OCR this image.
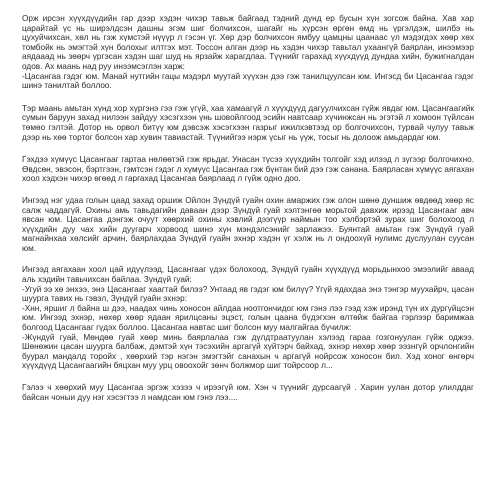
Орж ирсэн хүүхдүүдийн гар дээр хэдэн чихэр тавьж байгаад тэдний дунд ер бусын хүн зогсож байна. Хав хар царайтай үс нь ширэлдсэн дашны эгэм шиг болчихсон, шагайг нь хүрсэн өргөн өмд нь үргэлдэж, шилбэ нь цухуйчихсан, хөл нь гэж хүмстэй нүүүр л гэсэн үг. Хөр дэр болчихсон ямбуу цамцны цаанаас үл мэдэгдэх хөөр хөх томбойк нь эмэгтэй хүн болохыг илтгэх мэт. Тоссон алган дээр нь хэдэн чихэр тавьтал ухаангүй баярлан, инээмээр аядааад нь зөөрч үргэсан хэдэн шаг шуд нь ярзайж харагдлаа. Түүнийг гарахад хүүхдүүд дундаа хийн, бужигналдан одов. Ах маань над руу инээмсэглэн харж:
-Цасангаа гэдэг юм. Манай нутгийн гацы мэдэрл муутай хүүхэн дээ гэж танилцуулсан юм. Ингэсд би Цасангаа гэдэг шинэ танилтай боллоо.

Тэр маань амьтан хүнд хор хүргэнэ гээ гэж үгүй, хаа хамаагүй л хүүхдүүд дагуулчихсан гүйж явдаг юм. Цасангаагийк сумын баруун захад нилээн зайдуу хэсэгхээн үнь шовойлгоод эсийн навтсаар хүчинжсан нь эгэтэй л хомоон түйлсан төмөо гэлтэй. Дотор нь орвол битүү юм дэвсэж хэсэгхээн газрыг ижилхэвтээд ор болгочихсон, турвай чулуу тавьж дээр нь хөө тортог болсон хар хувин тавиастай. Түүнийгээ нэрж үсыг нь үүж, тосыг нь долоож амьдардаг юм.

Гэхдээ хүмүүс Цасангааг гартаа нөлөөтэй гэж ярьдаг. Унасан түсээ хүүхдийн толгойг хэд илээд л зүгээр болгочихно. Өвдсөн, эвэсон, бэртгээн, гэмтсэн гэдэг л хүмүүс Цасангаа гэж бүнтан бий дээ гэж санана. Баярласан хүмүүс аягахан хоол хэдхэн чихэр өгөөд л гаргахад Цасангаа баярлаад л гүйж одно доо.

Ингээд нэг удаа голын цаад захад оршиж Ойлон Зүндүй гуайн охин амаржих гэж олон шөнө дуншиж өвдөөд хөөр яс салж чаддагүй. Охины амь тавьдагийн даваан дээр Зүндүй гуай хэлтэнгөө морьтой давхиж ирээд Цасангааг авч явсан юм. Цасангаа дэнгэж очуут хөөрхий охины хэвлий дээгүүр наймын тоо хэлбэртэй зурах шиг болохоод л хүүхдийн дуу чах хийн дуугарч хорвоод шинэ хүн мэндэлсэнийг зарлажээ. Буянтай амьтан гэж Зүндүй гуай магнайнхаа хөлсийг арчин, баярлахдаа Зүндүй гуайн эхнэр хэдэн үг хэлж нь л ондоохүй нулимс дуслуулан суусан юм.

Ингээд аягахаан хоол цай идүүлээд, Цасангааг үдэх болохоод, Зүндүй гуайн хүүхдүүд морьдынхоо эмээлийг аваад аль хэдийн тавьчихсан байлаа. Зүндүй гуай:
-Угуй ээ хө энхээ, энэ Цасангааг хаагтай билээ? Унтаад яв гэдэг юм билүү? Үгүй ядахдаа энэ тэнгэр муухайрч, цасан шуурга тавих нь гэвэл, Зүндүй гуайн эхнэр:
-Хнн, яршиг л байна ш дээ, наадах чинь хоносон айлдаа ноотгончидог юм гэнэ лээ гээд хэж ирэнд түн их дургүйцсэн юм. Ингээд эхнэр, нөхөр хөөр ядаан ярилцсаны эцэст, голын цаана бүдэгхэн өлтөйж байгаа гэрлээр баримжаа болгоод Цасангааг гүдэх боллоо. Цасангаа навтас шиг болсон муу малгайгаа бүчилж:
-Жүндүй гуай, Мөндөө гуай хөөр минь баярлалаа гэж дүлдтраатуулан хэлээд гараа гозгонуулан гүйж оджээ. Шөнөжин цасан шуурга балбаж, дэмтэй хүн тэсэхийн аргагүй хүйтэрч байхад, эхнэр нөхөр хөөр ээзнгүй орчлонгийн буурал мандалд торойх , хөөрхий тэр нэгэн эмэгтэйг санахын ч аргагүй нойрсож хоносон бил. Хэд хоног өнгөрч хүүхдүүд Цасангаагийн бяцхан муу урц овоохойг зөнч болжмор шиг тойрсоор л...

Гэлээ ч хөөрхий муу Цасангаа эргэж хэзээ ч ирээгүй юм. Хэн ч түүнийг дурсаагүй . Харин уулан дотор улилддаг байсан чоныи дуу нэг хэсэгтээ л намдсан юм гэнэ лээ....
